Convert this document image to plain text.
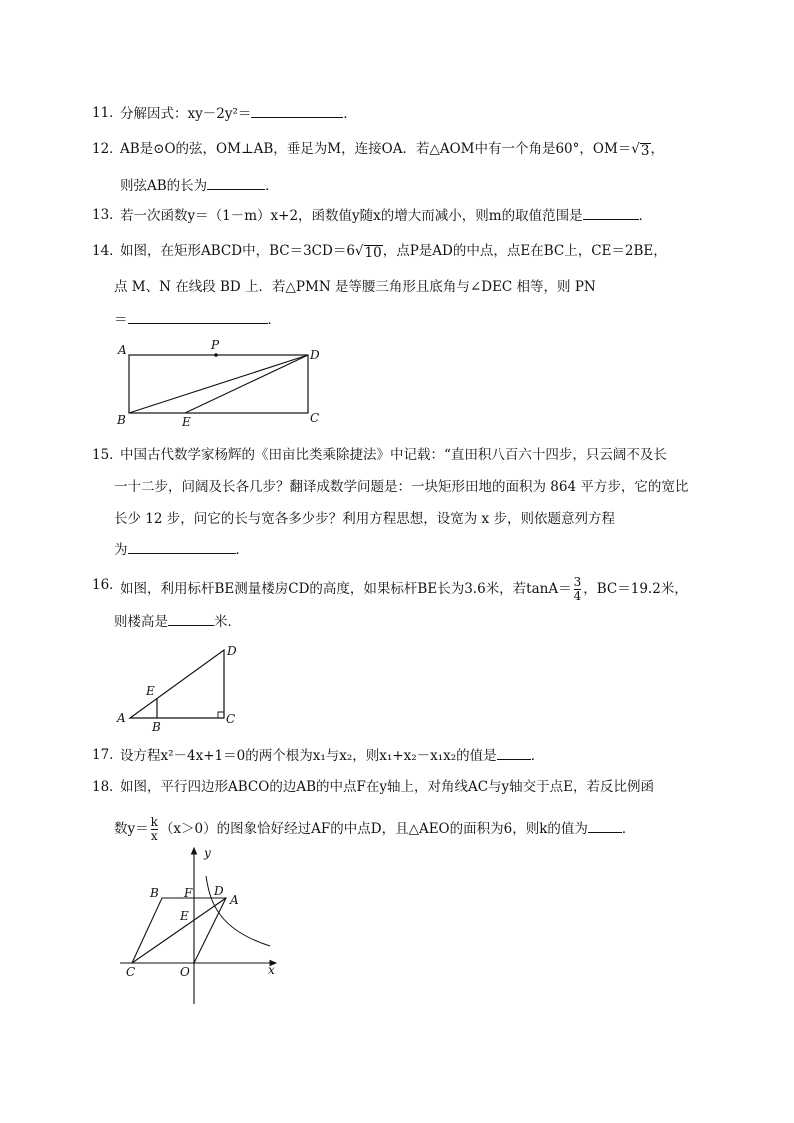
11．
分解因式：xy－2y²＝	．
12．
AB是⊙O的弦，OM⊥AB，垂足为M，连接OA．若△AOM中有一个角是60°，OM＝√ 3 ，
则弦AB的长为	．
13．
若一次函数y＝（1－m）x+2，函数值y随x的增大而减小，则m的取值范围是	．
14．
如图，在矩形ABCD中，BC＝3CD＝6√ 10 ，点P是AD的中点，点E在BC上，CE＝2BE，
点 M、N 在线段 BD 上．若△PMN 是等腰三角形且底角与∠DEC 相等，则 PN
＝	．
A	P
D
B	E	C
15．
中国古代数学家杨辉的《田亩比类乘除捷法》中记载：“直田积八百六十四步，只云阔不及长
一十二步，问阔及长各几步？翻译成数学问题是：一块矩形田地的面积为 864 平方步，它的宽比
长少 12 步，问它的长与宽各多少步？利用方程思想，设宽为 x 步，则依题意列方程
为	．
16．
如图，利用标杆BE测量楼房CD的高度，如果标杆BE长为3.6米，若$\tan A= \frac{3}{4}$ ，BC＝19.2米，
则楼高是	米．
D
E
A
B
C
17．
设方程x²－4x+1＝0的两个根为x₁与x₂，则x₁+x₂－x₁x₂的值是	．
18．
如图，平行四边形ABCO的边AB的中点F在y轴上，对角线AC与y轴交于点E，若反比例函
数$y= \frac{k}{x} (x>0)$的图象恰好经过AF的中点D，且△AEO的面积为6，则k的值为	．
y
x
B F D
A
E
C	O
